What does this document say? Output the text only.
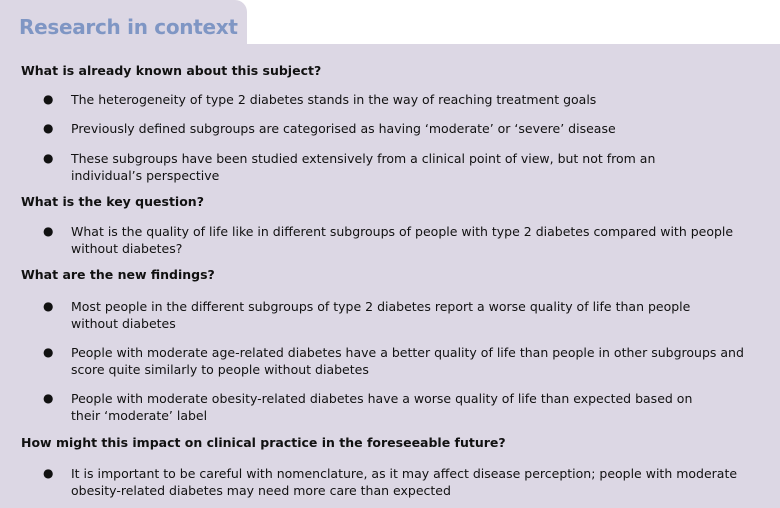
Research in context
What is already known about this subject?
● The heterogeneity of type 2 diabetes stands in the way of reaching treatment goals
● Previously defined subgroups are categorised as having ‘moderate’ or ‘severe’ disease
● These subgroups have been studied extensively from a clinical point of view, but not from an individual’s perspective
What is the key question?
● What is the quality of life like in different subgroups of people with type 2 diabetes compared with people without diabetes?
What are the new findings?
● Most people in the different subgroups of type 2 diabetes report a worse quality of life than people without diabetes
● People with moderate age-related diabetes have a better quality of life than people in other subgroups and score quite similarly to people without diabetes
● People with moderate obesity-related diabetes have a worse quality of life than expected based on their ‘moderate’ label
How might this impact on clinical practice in the foreseeable future?
● It is important to be careful with nomenclature, as it may affect disease perception; people with moderate obesity-related diabetes may need more care than expected
